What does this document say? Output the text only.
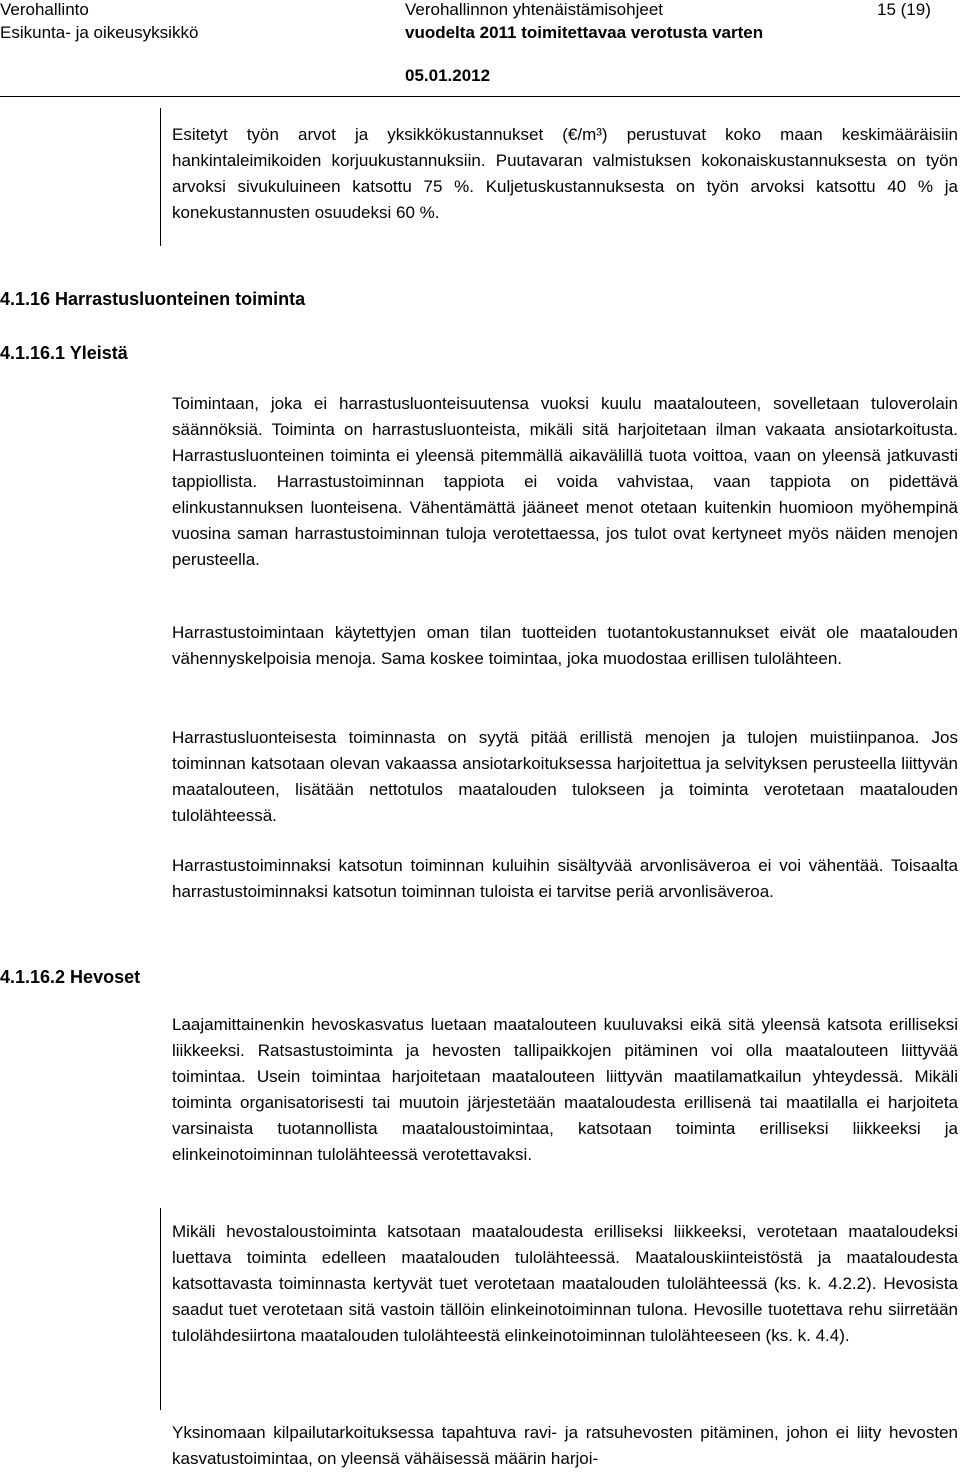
Verohallinto
Esikunta- ja oikeusyksikkö
Verohallinnon yhtenäistämisohjeet
vuodelta 2011 toimitettavaa verotusta varten
05.01.2012
15 (19)

Esitetyt työn arvot ja yksikkökustannukset (€/m³) perustuvat koko maan keskimääräisiin hankintaleimikoiden korjuukustannuksiin. Puutavaran valmistuksen kokonaiskustannuksesta on työn arvoksi sivukuluineen katsottu 75 %. Kuljetuskustannuksesta on työn arvoksi katsottu 40 % ja konekustannusten osuudeksi 60 %.

4.1.16 Harrastusluonteinen toiminta
4.1.16.1 Yleistä

Toimintaan, joka ei harrastusluonteisuutensa vuoksi kuulu maatalouteen, sovelletaan tuloverolain säännöksiä. Toiminta on harrastusluonteista, mikäli sitä harjoitetaan ilman vakaata ansiotarkoitusta. Harrastusluonteinen toiminta ei yleensä pitemmällä aikavälillä tuota voittoa, vaan on yleensä jatkuvasti tappiollista. Harrastustoiminnan tappiota ei voida vahvistaa, vaan tappiota on pidettävä elinkustannuksen luonteisena. Vähentämättä jääneet menot otetaan kuitenkin huomioon myöhempinä vuosina saman harrastustoiminnan tuloja verotettaessa, jos tulot ovat kertyneet myös näiden menojen perusteella.

Harrastustoimintaan käytettyjen oman tilan tuotteiden tuotantokustannukset eivät ole maatalouden vähennyskelpoisia menoja. Sama koskee toimintaa, joka muodostaa erillisen tulolähteen.

Harrastusluonteisesta toiminnasta on syytä pitää erillistä menojen ja tulojen muistiinpanoa. Jos toiminnan katsotaan olevan vakaassa ansiotarkoituksessa harjoitettua ja selvityksen perusteella liittyvän maatalouteen, lisätään nettotulos maatalouden tulokseen ja toiminta verotetaan maatalouden tulolähteessä.

Harrastustoiminnaksi katsotun toiminnan kuluihin sisältyvää arvonlisäveroa ei voi vähentää. Toisaalta harrastustoiminnaksi katsotun toiminnan tuloista ei tarvitse periä arvonlisäveroa.

4.1.16.2 Hevoset

Laajamittainenkin hevoskasvatus luetaan maatalouteen kuuluvaksi eikä sitä yleensä katsota erilliseksi liikkeeksi. Ratsastustoiminta ja hevosten tallipaikkojen pitäminen voi olla maatalouteen liittyvää toimintaa. Usein toimintaa harjoitetaan maatalouteen liittyvän maatilamatkailun yhteydessä. Mikäli toiminta organisatorisesti tai muutoin järjestetään maataloudesta erillisenä tai maatilalla ei harjoiteta varsinaista tuotannollista maataloustoimintaa, katsotaan toiminta erilliseksi liikkeeksi ja elinkeinotoiminnan tulolähteessä verotettavaksi.

Mikäli hevostaloustoiminta katsotaan maataloudesta erilliseksi liikkeeksi, verotetaan maataloudeksi luettava toiminta edelleen maatalouden tulolähteessä. Maatalouskiinteistöstä ja maataloudesta katsottavasta toiminnasta kertyvät tuet verotetaan maatalouden tulolähteessä (ks. k. 4.2.2). Hevosista saadut tuet verotetaan sitä vastoin tällöin elinkeinotoiminnan tulona. Hevosille tuotettava rehu siirretään tulolähdesiirtona maatalouden tulolähteestä elinkeinotoiminnan tulolähteeseen (ks. k. 4.4).

Yksinomaan kilpailutarkoituksessa tapahtuva ravi- ja ratsuhevosten pitäminen, johon ei liity hevosten kasvatustoimintaa, on yleensä vähäisessä määrin harjoi-
